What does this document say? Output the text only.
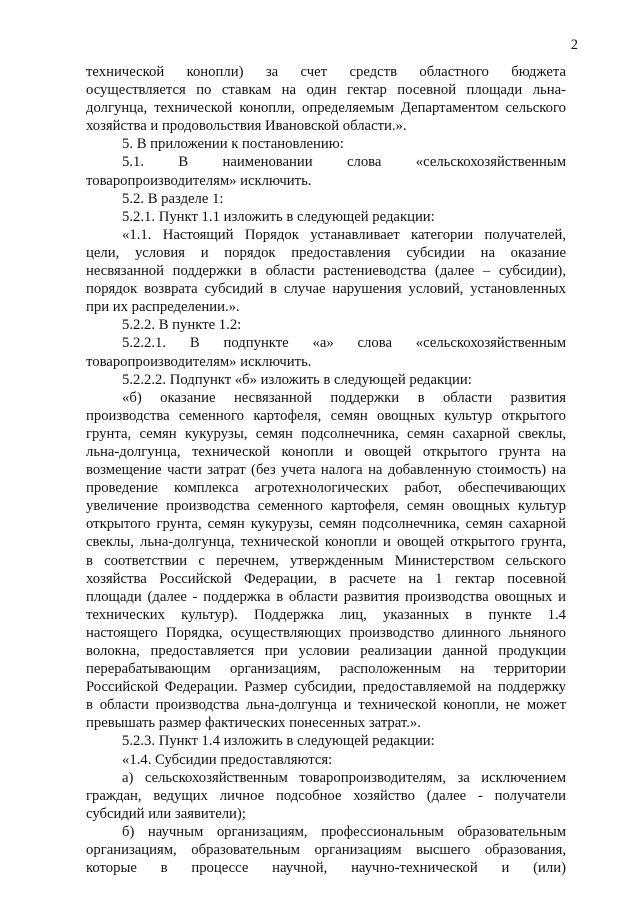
2

технической конопли) за счет средств областного бюджета

осуществляется по ставкам на один гектар посевной площади льна-

долгунца, технической конопли, определяемым Департаментом сельского

хозяйства и продовольствия Ивановской области.».

5. В приложении к постановлению:

5.1. В наименовании слова «сельскохозяйственным

товаропроизводителям» исключить.

5.2. В разделе 1:

5.2.1. Пункт 1.1 изложить в следующей редакции:

«1.1. Настоящий Порядок устанавливает категории получателей,

цели, условия и порядок предоставления субсидии на оказание

несвязанной поддержки в области растениеводства (далее – субсидии),

порядок возврата субсидий в случае нарушения условий, установленных

при их распределении.».

5.2.2. В пункте 1.2:

5.2.2.1. В подпункте «а» слова «сельскохозяйственным

товаропроизводителям» исключить.

5.2.2.2. Подпункт «б» изложить в следующей редакции:

«б) оказание несвязанной поддержки в области развития

производства семенного картофеля, семян овощных культур открытого

грунта, семян кукурузы, семян подсолнечника, семян сахарной свеклы,

льна-долгунца, технической конопли и овощей открытого грунта на

возмещение части затрат (без учета налога на добавленную стоимость) на

проведение комплекса агротехнологических работ, обеспечивающих

увеличение производства семенного картофеля, семян овощных культур

открытого грунта, семян кукурузы, семян подсолнечника, семян сахарной

свеклы, льна-долгунца, технической конопли и овощей открытого грунта,

в соответствии с перечнем, утвержденным Министерством сельского

хозяйства Российской Федерации, в расчете на 1 гектар посевной

площади (далее - поддержка в области развития производства овощных и

технических культур). Поддержка лиц, указанных в пункте 1.4

настоящего Порядка, осуществляющих производство длинного льняного

волокна, предоставляется при условии реализации данной продукции

перерабатывающим организациям, расположенным на территории

Российской Федерации. Размер субсидии, предоставляемой на поддержку

в области производства льна-долгунца и технической конопли, не может

превышать размер фактических понесенных затрат.».

5.2.3. Пункт 1.4 изложить в следующей редакции:

«1.4. Субсидии предоставляются:

а) сельскохозяйственным товаропроизводителям, за исключением

граждан, ведущих личное подсобное хозяйство (далее - получатели

субсидий или заявители);

б) научным организациям, профессиональным образовательным

организациям, образовательным организациям высшего образования,

которые в процессе научной, научно-технической и (или)
